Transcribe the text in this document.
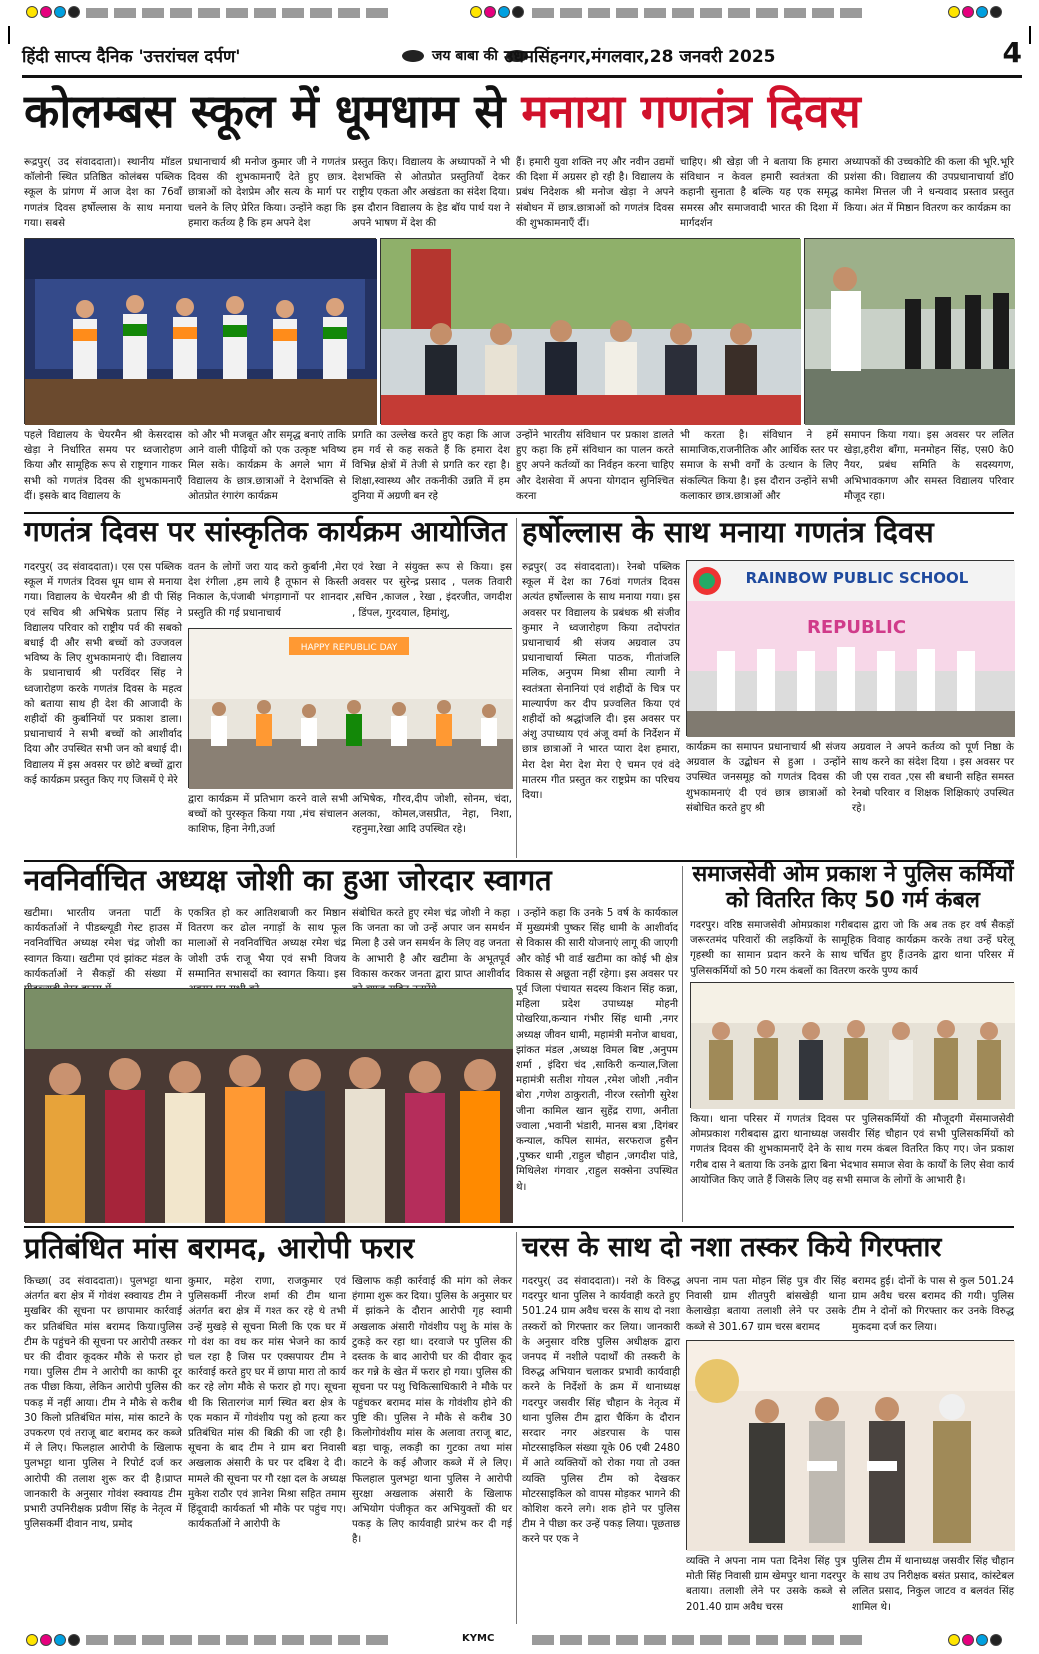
हिंदी साप्त्य दैनिक 'उत्तरांचल दर्पण'	जय बाबा की उधमसिंहनगर,मंगलवार,28 जनवरी 2025	4
कोलम्बस स्कूल में धूमधाम से मनाया गणतंत्र दिवस
रूद्रपुर( उद संवाददाता)। स्थानीय मॉडल कॉलोनी स्थित प्रतिष्ठित कोलंबस पब्लिक स्कूल के प्रांगण में आज देश का 76वाँ गणतंत्र दिवस हर्षोल्लास के साथ मनाया गया। सबसे
प्रधानाचार्य श्री मनोज कुमार जी ने गणतंत्र दिवस की शुभकामनाएँ देते हुए छात्र. छात्राओं को देशप्रेम और सत्य के मार्ग पर चलने के लिए प्रेरित किया। उन्होंने कहा कि हमारा कर्तव्य है कि हम अपने देश
प्रस्तुत किए। विद्यालय के अध्यापकों ने भी देशभक्ति से ओतप्रोत प्रस्तुतियाँ देकर राष्ट्रीय एकता और अखंडता का संदेश दिया। इस दौरान विद्यालय के हेड बॉय पार्थ यश ने अपने भाषण में देश की
हैं। हमारी युवा शक्ति नए और नवीन उद्यमों की दिशा में अग्रसर हो रही है। विद्यालय के प्रबंध निदेशक श्री मनोज खेड़ा ने अपने संबोधन में छात्र.छात्राओं को गणतंत्र दिवस की शुभकामनाएँ दीं।
चाहिए। श्री खेड़ा जी ने बताया कि हमारा संविधान न केवल हमारी स्वतंत्रता की कहानी सुनाता है बल्कि यह एक समृद्ध समरस और समाजवादी भारत की दिशा में मार्गदर्शन
अध्यापकों की उच्चकोटि की कला की भूरि.भूरि प्रशंसा की। विद्यालय की उपप्रधानाचार्या डॉ0 कामेश मित्तल जी ने धन्यवाद प्रस्ताव प्रस्तुत किया। अंत में मिष्ठान वितरण कर कार्यक्रम का
पहले विद्यालय के चेयरमैन श्री केसरदास खेड़ा ने निर्धारित समय पर ध्वजारोहण किया और सामूहिक रूप से राष्ट्रगान गाकर सभी को गणतंत्र दिवस की शुभकामनाएँ दीं। इसके बाद विद्यालय के
को और भी मजबूत और समृद्ध बनाएं ताकि आने वाली पीढ़ियों को एक उत्कृष्ट भविष्य मिल सके। कार्यक्रम के अगले भाग में विद्यालय के छात्र.छात्राओं ने देशभक्ति से ओतप्रोत रंगारंग कार्यक्रम
प्रगति का उल्लेख करते हुए कहा कि आज हम गर्व से कह सकते हैं कि हमारा देश विभिन्न क्षेत्रों में तेजी से प्रगति कर रहा है। शिक्षा,स्वास्थ्य और तकनीकी उन्नति में हम दुनिया में अग्रणी बन रहे
उन्होंने भारतीय संविधान पर प्रकाश डालते हुए कहा कि हमें संविधान का पालन करते हुए अपने कर्तव्यों का निर्वहन करना चाहिए और देशसेवा में अपना योगदान सुनिश्चित करना
भी करता है। संविधान ने हमें सामाजिक,राजनीतिक और आर्थिक स्तर पर समाज के सभी वर्गों के उत्थान के लिए संकल्पित किया है। इस दौरान उन्होंने सभी कलाकार छात्र.छात्राओं और
समापन किया गया। इस अवसर पर ललित खेड़ा,हरीश बाँगा, मनमोहन सिंह, एस0 के0 नैयर, प्रबंध समिति के सदस्यगण, अभिभावकगण और समस्त विद्यालय परिवार मौजूद रहा।
गणतंत्र दिवस पर सांस्कृतिक कार्यक्रम आयोजित
गदरपुर( उद संवाददाता)। एस एस पब्लिक स्कूल में गणतंत्र दिवस धूम धाम से मनाया गया। विद्यालय के चेयरमैन श्री डी पी सिंह एवं सचिव श्री अभिषेक प्रताप सिंह ने विद्यालय परिवार को राष्ट्रीय पर्व की सबको बधाई दी और सभी बच्चों को उज्जवल भविष्य के लिए शुभकामनाएं दी। विद्यालय के प्रधानाचार्य श्री परविंदर सिंह ने ध्वजारोहण करके गणतंत्र दिवस के महत्व को बताया साथ ही देश की आजादी के शहीदों की कुर्बानियों पर प्रकाश डाला। प्रधानाचार्य ने सभी बच्चों को आशीर्वाद दिया और उपस्थित सभी जन को बधाई दी। विद्यालय में इस अवसर पर छोटे बच्चों द्वारा कई कार्यक्रम प्रस्तुत किए गए जिसमें ऐ मेरे
वतन के लोगों जरा याद करो कुर्बानी ,मेरा देश रंगीला ,हम लाये है तूफान से किस्ती निकाल के,पंजाबी भंगड़ागानों पर शानदार प्रस्तुति की गई प्रधानाचार्य
एवं रेखा ने संयुक्त रूप से किया। इस अवसर पर सुरेन्द्र प्रसाद , पलक तिवारी ,सचिन ,काजल , रेखा , इंदरजीत, जगदीश , डिंपल, गुरदयाल, हिमांशु,
HAPPY REPUBLIC DAY
द्वारा कार्यक्रम में प्रतिभाग करने वाले सभी बच्चों को पुरस्कृत किया गया ,मंच संचालन काशिफ, हिना नेगी,उर्जा
अभिषेक, गौरव,दीप जोशी, सोनम, चंदा, अलका, कोमल,जसप्रीत, नेहा, निशा, रहनुमा,रेखा आदि उपस्थित रहे।
हर्षोल्लास के साथ मनाया गणतंत्र दिवस
रुद्रपुर( उद संवाददाता)। रेनबो पब्लिक स्कूल में देश का 76वां गणतंत्र दिवस अत्यंत हर्षोल्लास के साथ मनाया गया। इस अवसर पर विद्यालय के प्रबंधक श्री संजीव कुमार ने ध्वजारोहण किया तदोपरांत प्रधानाचार्य श्री संजय अग्रवाल उप प्रधानाचार्या स्मिता पाठक, गीतांजलि मलिक, अनुपम मिश्रा सीमा त्यागी ने स्वतंत्रता सेनानियां एवं शहीदों के चित्र पर माल्यार्पण कर दीप प्रज्वलित किया एवं शहीदों को श्रद्धांजलि दी। इस अवसर पर अंशु उपाध्याय एवं अंजू वर्मा के निर्देशन में छात्र छात्राओं ने भारत प्यारा देश हमारा, मेरा देश मेरा देश मेरा ऐ चमन एवं वंदे मातरम गीत प्रस्तुत कर राष्ट्रप्रेम का परिचय दिया।
RAINBOW PUBLIC SCHOOL
REPUBLIC
कार्यक्रम का समापन प्रधानाचार्य श्री संजय अग्रवाल के उद्बोधन से हुआ । उन्होंने उपस्थित जनसमूह को गणतंत्र दिवस की शुभकामनाएं दी एवं छात्र छात्राओं को संबोधित करते हुए श्री
अग्रवाल ने अपने कर्तव्य को पूर्ण निष्ठा के साथ करने का संदेश दिया । इस अवसर पर जी एस रावत ,एस सी बधानी सहित समस्त रेनबो परिवार व शिक्षक शिक्षिकाएं उपस्थित रहे।
नवनिर्वाचित अध्यक्ष जोशी का हुआ जोरदार स्वागत
खटीमा। भारतीय जनता पार्टी के कार्यकर्ताओं ने पीडब्ल्यूडी गेस्ट हाउस में नवनिर्वाचित अध्यक्ष रमेश चंद्र जोशी का स्वागत किया। खटीमा एवं झांकट मंडल के कार्यकर्ताओं ने सैकड़ों की संख्या में
एकत्रित हो कर आतिशबाजी कर मिष्ठान वितरण कर ढोल नगाड़ों के साथ फूल मालाओं से नवनिर्वाचित अध्यक्ष रमेश चंद्र जोशी उर्फ राजू भैया एवं सभी विजय सम्मानित सभासदों का स्वागत किया। इस
संबोधित करते हुए रमेश चंद्र जोशी ने कहा कि जनता का जो उन्हें अपार जन समर्थन मिला है उसे जन समर्थन के लिए वह जनता के आभारी है और खटीमा के अभूतपूर्व विकास करकर जनता द्वारा प्राप्त आशीर्वाद
। उन्होंने कहा कि उनके 5 वर्ष के कार्यकाल में मुख्यमंत्री पुष्कर सिंह धामी के आशीर्वाद से विकास की सारी योजनाएं लागू की जाएगी और कोई भी वार्ड खटीमा का कोई भी क्षेत्र विकास से अछूता नहीं रहेगा। इस अवसर पर पूर्व जिला पंचायत सदस्य किशन सिंह कन्ना, महिला प्रदेश उपाध्यक्ष मोहनी पोखरिया,कन्यान गंभीर सिंह धामी ,नगर अध्यक्ष जीवन धामी, महामंत्री मनोज बाधवा, झांकत मंडल ,अध्यक्ष विमल बिष्ट ,अनुपम शर्मा , इंदिरा चंद ,साकिरी कन्याल,जिला महामंत्री सतीश गोयल ,रमेश जोशी ,नवीन बोरा ,गणेश ठाकुराती, नीरज रस्तोगी सुरेश जीना कामिल खान सुहेंद्र राणा, अनीता ज्वाला ,भवानी भंडारी, मानस बत्रा ,दिगंबर कन्याल, कपिल सामंत, सरफराज हुसैन ,पुष्कर धामी ,राहुल चौहान ,जगदीश पांडे, मिथिलेश गंगवार ,राहुल सक्सेना उपस्थित थे।
समाजसेवी ओम प्रकाश ने पुलिस कर्मियों को वितरित किए 50 गर्म कंबल
गदरपुर। वरिष्ठ समाजसेवी ओमप्रकाश गरीबदास द्वारा जो कि अब तक हर वर्ष सैकड़ों जरूरतमंद परिवारों की लड़कियों के सामूहिक विवाह कार्यक्रम करके तथा उन्हें घरेलू गृहस्थी का सामान प्रदान करने के साथ चर्चित हुए हैं।उनके द्वारा थाना परिसर में पुलिसकर्मियों को 50 गरम कंबलों का वितरण करके पुण्य कार्य
किया। थाना परिसर में गणतंत्र दिवस पर पुलिसकर्मियों की मौजूदगी मेंसमाजसेवी ओमप्रकाश गरीबदास द्वारा थानाध्यक्ष जसवीर सिंह चौहान एवं सभी पुलिसकर्मियों को गणतंत्र दिवस की शुभकामनाएँ देने के साथ गरम कंबल वितरित किए गए। जेन प्रकाश गरीब दास ने बताया कि उनके द्वारा बिना भेदभाव समाज सेवा के कार्यों के लिए सेवा कार्य आयोजित किए जाते हैं जिसके लिए वह सभी समाज के लोगों के आभारी है।
प्रतिबंधित मांस बरामद, आरोपी फरार
किच्छा( उद संवाददाता)। पुलभट्टा थाना अंतर्गत बरा क्षेत्र में गोवंश स्क्वायड टीम ने मुखबिर की सूचना पर छापामार कार्रवाई कर प्रतिबंधित मांस बरामद किया।पुलिस टीम के पहुंचने की सूचना पर आरोपी तस्कर घर की दीवार कूदकर मौके से फरार हो गया। पुलिस टीम ने आरोपी का काफी दूर तक पीछा किया, लेकिन आरोपी पुलिस की पकड़ में नहीं आया। टीम ने मौके से करीब 30 किलो प्रतिबंधित मांस, मांस काटने के उपकरण एवं तराजू बाट बरामद कर कब्जे में ले लिए। फिलहाल आरोपी के खिलाफ पुलभट्टा थाना पुलिस ने रिपोर्ट दर्ज कर आरोपी की तलाश शुरू कर दी है।प्राप्त जानकारी के अनुसार गोवंश स्क्वायड टीम प्रभारी उपनिरीक्षक प्रवीण सिंह के नेतृत्व में पुलिसकर्मी दीवान नाथ, प्रमोद
कुमार, महेश राणा, राजकुमार एवं पुलिसकर्मी नीरज शर्मा की टीम थाना अंतर्गत बरा क्षेत्र में गश्त कर रहे थे तभी उन्हें मुखड़े से सूचना मिली कि एक घर में गो वंश का वध कर मांस भेजने का कार्य चल रहा है जिस पर एक्सपायर टीम ने कार्रवाई करते हुए घर में छापा मारा तो कार्य कर रहे लोग मौके से फरार हो गए। सूचना थी कि सितारगंज मार्ग स्थित बरा क्षेत्र के एक मकान में गोवंशीय पशु को हत्या कर प्रतिबंधित मांस की बिक्री की जा रही है। सूचना के बाद टीम ने ग्राम बरा निवासी अखलाक अंसारी के घर पर दबिश दे दी। मामले की सूचना पर गौ रक्षा दल के अध्यक्ष मुकेश राठौर एवं ज्ञानेश मिश्रा सहित तमाम हिंदूवादी कार्यकर्ता भी मौके पर पहुंच गए।कार्यकर्ताओं ने आरोपी के
खिलाफ कड़ी कार्रवाई की मांग को लेकर हंगामा शुरू कर दिया। पुलिस के अनुसार घर में झांकने के दौरान आरोपी गृह स्वामी अखलाक अंसारी गोवंशीय पशु के मांस के टुकड़े कर रहा था। दरवाजे पर पुलिस की दस्तक के बाद आरोपी घर की दीवार कूद कर गन्ने के खेत में फरार हो गया। पुलिस की सूचना पर पशु चिकित्साधिकारी ने मौके पर पहुंचकर बरामद मांस के गोवंशीय होने की पुष्टि की। पुलिस ने मौके से करीब 30 किलोगोवंशीय मांस के अलावा तराजू बाट, बड़ा चाकू, लकड़ी का गुटका तथा मांस काटने के कई औजार कब्जे में ले लिए। फिलहाल पुलभट्टा थाना पुलिस ने आरोपी सुरक्षा अखलाक अंसारी के खिलाफ अभियोग पंजीकृत कर अभियुक्तों की धर पकड़ के लिए कार्यवाही प्रारंभ कर दी गई है।
चरस के साथ दो नशा तस्कर किये गिरफ्तार
गदरपुर( उद संवाददाता)। नशे के विरुद्ध गदरपुर थाना पुलिस ने कार्यवाही करते हुए 501.24 ग्राम अवैध चरस के साथ दो नशा तस्करों को गिरफ्तार कर लिया। जानकारी के अनुसार वरिष्ठ पुलिस अधीक्षक द्वारा जनपद में नशीले पदार्थों की तस्करी के विरुद्ध अभियान चलाकर प्रभावी कार्यवाही करने के निर्देशों के क्रम में थानाध्यक्ष गदरपुर जसवीर सिंह चौहान के नेतृत्व में थाना पुलिस टीम द्वारा चैकिंग के दौरान सरदार नगर अंडरपास के पास मोटरसाइकिल संख्या यूके 06 एबी 2480 में आते व्यक्तियों को रोका गया तो उक्त व्यक्ति पुलिस टीम को देखकर मोटरसाइकिल को वापस मोड़कर भागने की कोशिश करने लगे। शक होने पर पुलिस टीम ने पीछा कर उन्हें पकड़ लिया। पूछताछ करने पर एक ने
अपना नाम पता मोहन सिंह पुत्र वीर सिंह निवासी ग्राम शीतपुरी बांसखेड़ी थाना केलाखेड़ा बताया तलाशी लेने पर उसके कब्जे से 301.67 ग्राम चरस बरामद
बरामद हुई। दोनों के पास से कुल 501.24 ग्राम अवैध चरस बरामद की गयी। पुलिस टीम ने दोनों को गिरफ्तार कर उनके विरुद्ध मुकदमा दर्ज कर लिया।
व्यक्ति ने अपना नाम पता दिनेश सिंह पुत्र मोती सिंह निवासी ग्राम खेमपुर थाना गदरपुर बताया। तलाशी लेने पर उसके कब्जे से 201.40 ग्राम अवैध चरस
पुलिस टीम में थानाध्यक्ष जसवीर सिंह चौहान के साथ उप निरीक्षक बसंत प्रसाद, कांस्टेबल ललित प्रसाद, निकुल जाटव व बलवंत सिंह शामिल थे।
KYMC
